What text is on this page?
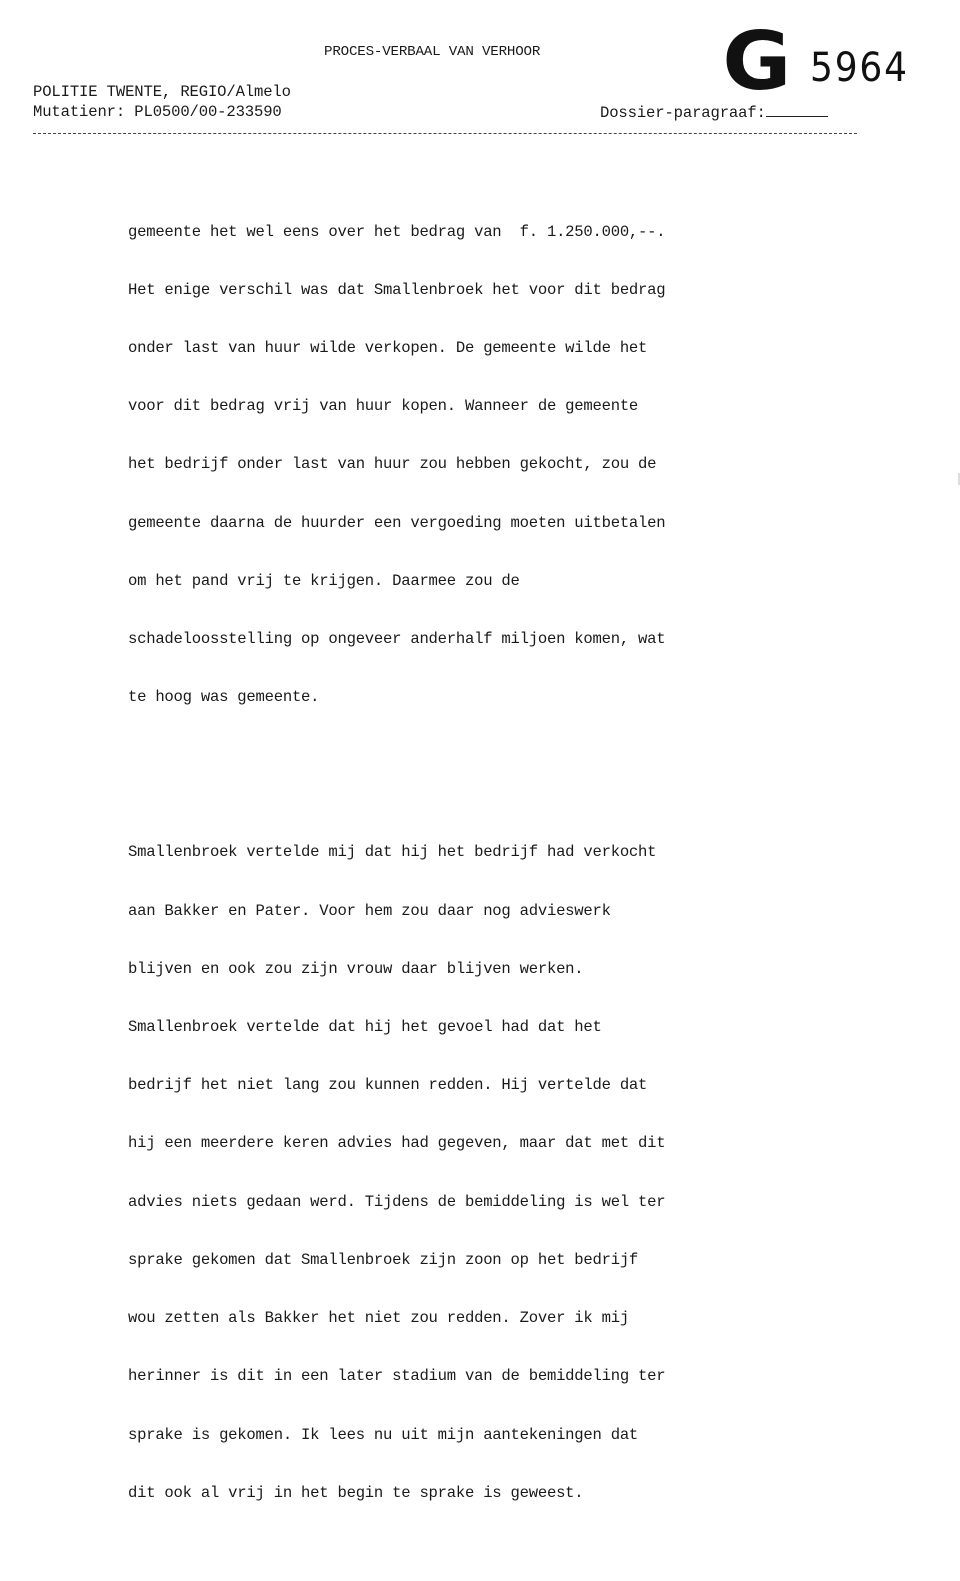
PROCES-VERBAAL VAN VERHOOR G 5964
POLITIE TWENTE, REGIO/Almelo
Mutatienr: PL0500/00-233590	Dossier-paragraaf:

gemeente het wel eens over het bedrag van  f. 1.250.000,--.

Het enige verschil was dat Smallenbroek het voor dit bedrag

onder last van huur wilde verkopen. De gemeente wilde het

voor dit bedrag vrij van huur kopen. Wanneer de gemeente

het bedrijf onder last van huur zou hebben gekocht, zou de

gemeente daarna de huurder een vergoeding moeten uitbetalen

om het pand vrij te krijgen. Daarmee zou de

schadeloosstelling op ongeveer anderhalf miljoen komen, wat

te hoog was gemeente.

Smallenbroek vertelde mij dat hij het bedrijf had verkocht

aan Bakker en Pater. Voor hem zou daar nog advieswerk

blijven en ook zou zijn vrouw daar blijven werken.

Smallenbroek vertelde dat hij het gevoel had dat het

bedrijf het niet lang zou kunnen redden. Hij vertelde dat

hij een meerdere keren advies had gegeven, maar dat met dit

advies niets gedaan werd. Tijdens de bemiddeling is wel ter

sprake gekomen dat Smallenbroek zijn zoon op het bedrijf

wou zetten als Bakker het niet zou redden. Zover ik mij

herinner is dit in een later stadium van de bemiddeling ter

sprake is gekomen. Ik lees nu uit mijn aantekeningen dat

dit ook al vrij in het begin te sprake is geweest.
